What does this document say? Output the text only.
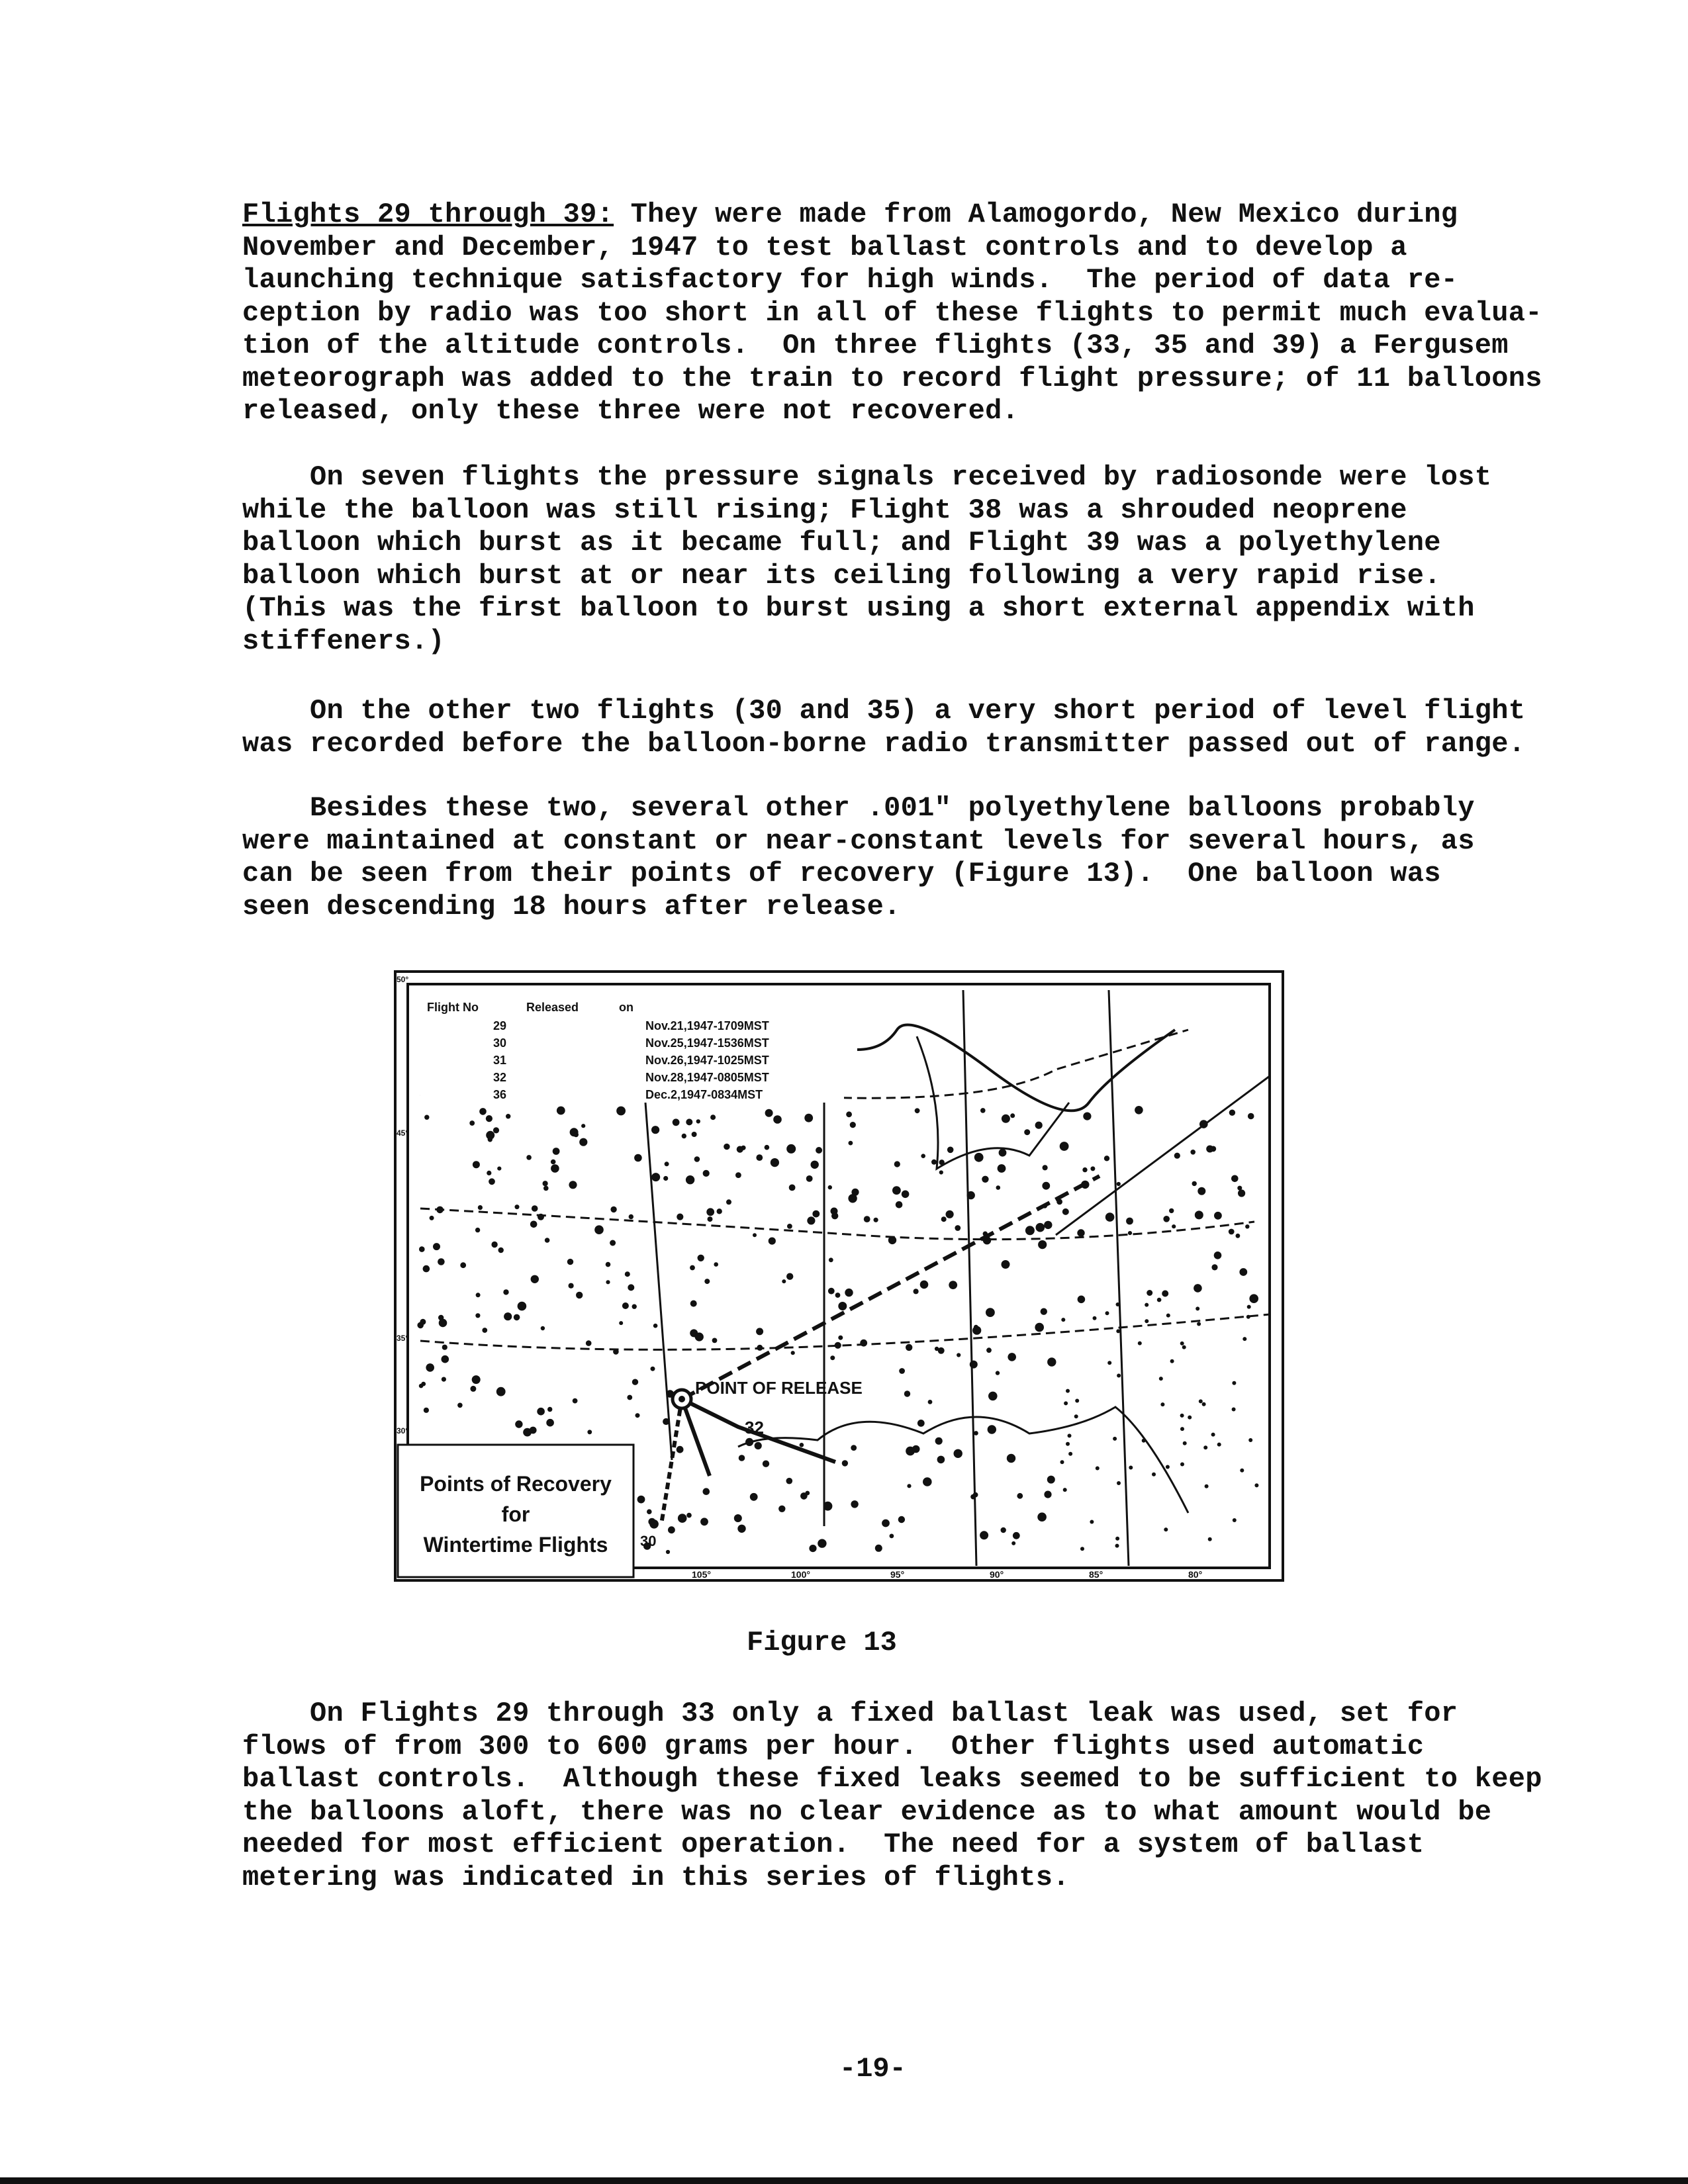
Flights 29 through 39: They were made from Alamogordo, New Mexico during
November and December, 1947 to test ballast controls and to develop a
launching technique satisfactory for high winds.  The period of data re-
ception by radio was too short in all of these flights to permit much evalua-
tion of the altitude controls.  On three flights (33, 35 and 39) a Fergusem
meteorograph was added to the train to record flight pressure; of 11 balloons
released, only these three were not recovered.
On seven flights the pressure signals received by radiosonde were lost
while the balloon was still rising; Flight 38 was a shrouded neoprene
balloon which burst as it became full; and Flight 39 was a polyethylene
balloon which burst at or near its ceiling following a very rapid rise.
(This was the first balloon to burst using a short external appendix with
stiffeners.)
On the other two flights (30 and 35) a very short period of level flight
was recorded before the balloon-borne radio transmitter passed out of range.
Besides these two, several other .001" polyethylene balloons probably
were maintained at constant or near-constant levels for several hours, as
can be seen from their points of recovery (Figure 13).  One balloon was
seen descending 18 hours after release.
POINT OF RELEASE
32
30
Flight No	Released	on
29	Nov.21,1947-1709MST
30	Nov.25,1947-1536MST
31	Nov.26,1947-1025MST
32	Nov.28,1947-0805MST
36	Dec.2,1947-0834MST
Points of Recovery
for
Wintertime Flights
105°	100°	95°	90°	85°	80°
50°
45°
35°
30°
Figure 13
On Flights 29 through 33 only a fixed ballast leak was used, set for
flows of from 300 to 600 grams per hour.  Other flights used automatic
ballast controls.  Although these fixed leaks seemed to be sufficient to keep
the balloons aloft, there was no clear evidence as to what amount would be
needed for most efficient operation.  The need for a system of ballast
metering was indicated in this series of flights.
-19-
